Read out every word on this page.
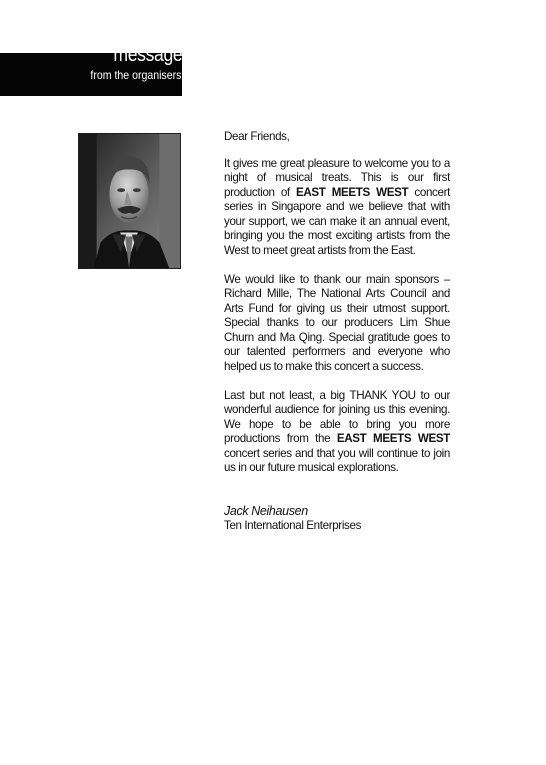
message
from the organisers

Dear Friends,

It gives me great pleasure to welcome you to a night of musical treats. This is our first production of EAST MEETS WEST concert series in Singapore and we believe that with your support, we can make it an annual event, bringing you the most exciting artists from the West to meet great artists from the East.

We would like to thank our main sponsors – Richard Mille, The National Arts Council and Arts Fund for giving us their utmost support. Special thanks to our producers Lim Shue Churn and Ma Qing. Special gratitude goes to our talented performers and everyone who helped us to make this concert a success.

Last but not least, a big THANK YOU to our wonderful audience for joining us this evening. We hope to be able to bring you more productions from the EAST MEETS WEST concert series and that you will continue to join us in our future musical explorations.

Jack Neihausen

Ten International Enterprises
